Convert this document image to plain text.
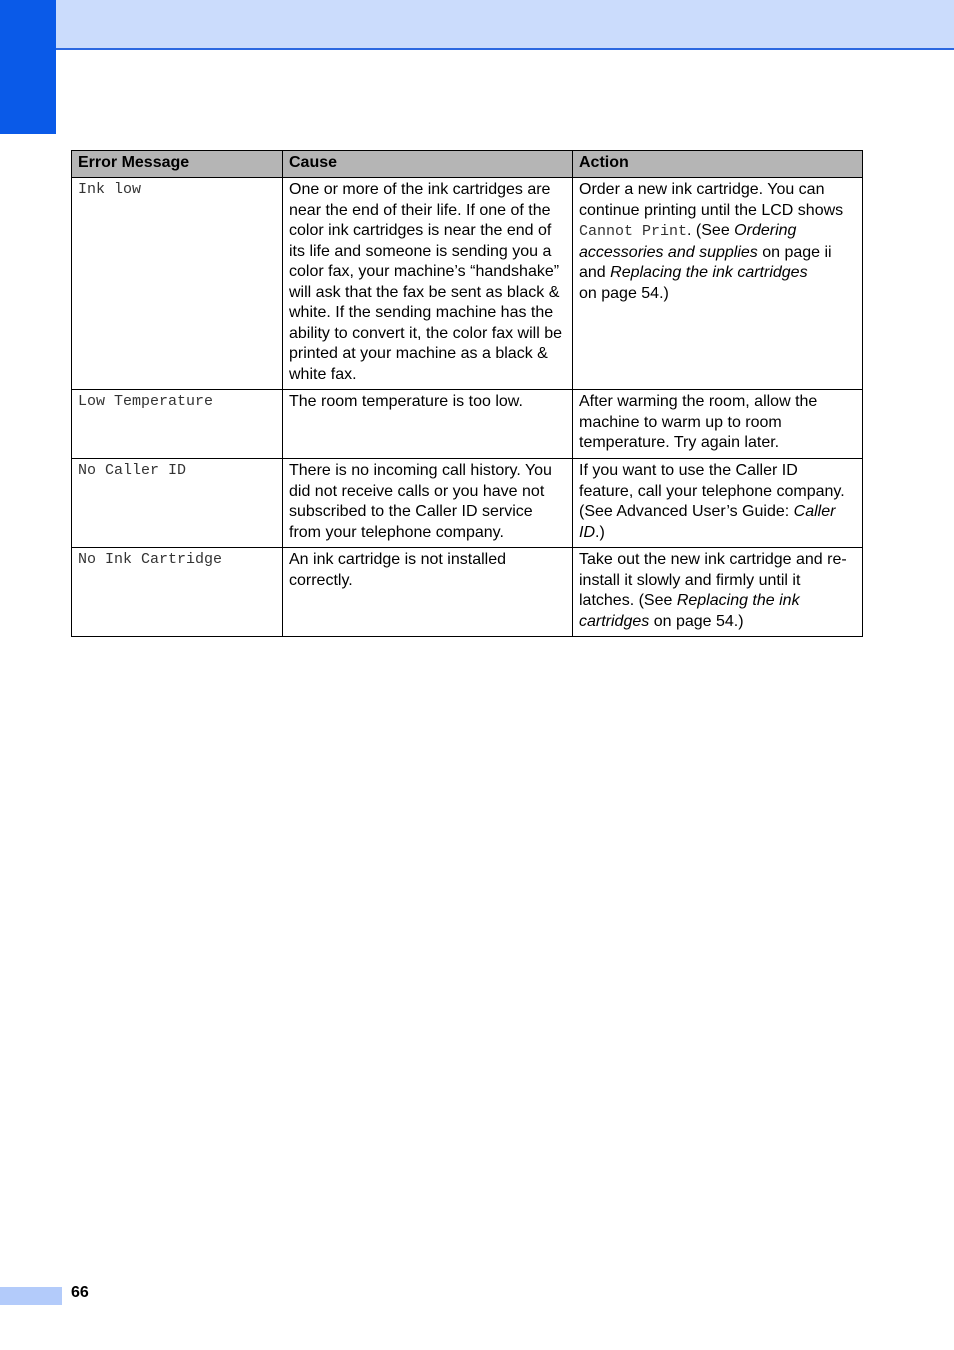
Error Message	Cause	Action
Ink low	One or more of the ink cartridges are near the end of their life. If one of the color ink cartridges is near the end of its life and someone is sending you a color fax, your machine’s “handshake” will ask that the fax be sent as black & white. If the sending machine has the ability to convert it, the color fax will be printed at your machine as a black & white fax.	Order a new ink cartridge. You can continue printing until the LCD shows Cannot Print. (See Ordering accessories and supplies on page ii and Replacing the ink cartridges
on page 54.)
Low Temperature	The room temperature is too low.	After warming the room, allow the machine to warm up to room temperature. Try again later.
No Caller ID	There is no incoming call history. You did not receive calls or you have not subscribed to the Caller ID service from your telephone company.	If you want to use the Caller ID feature, call your telephone company. (See Advanced User’s Guide: Caller ID.)
No Ink Cartridge	An ink cartridge is not installed correctly.	Take out the new ink cartridge and re-install it slowly and firmly until it latches. (See Replacing the ink cartridges on page 54.)
66
